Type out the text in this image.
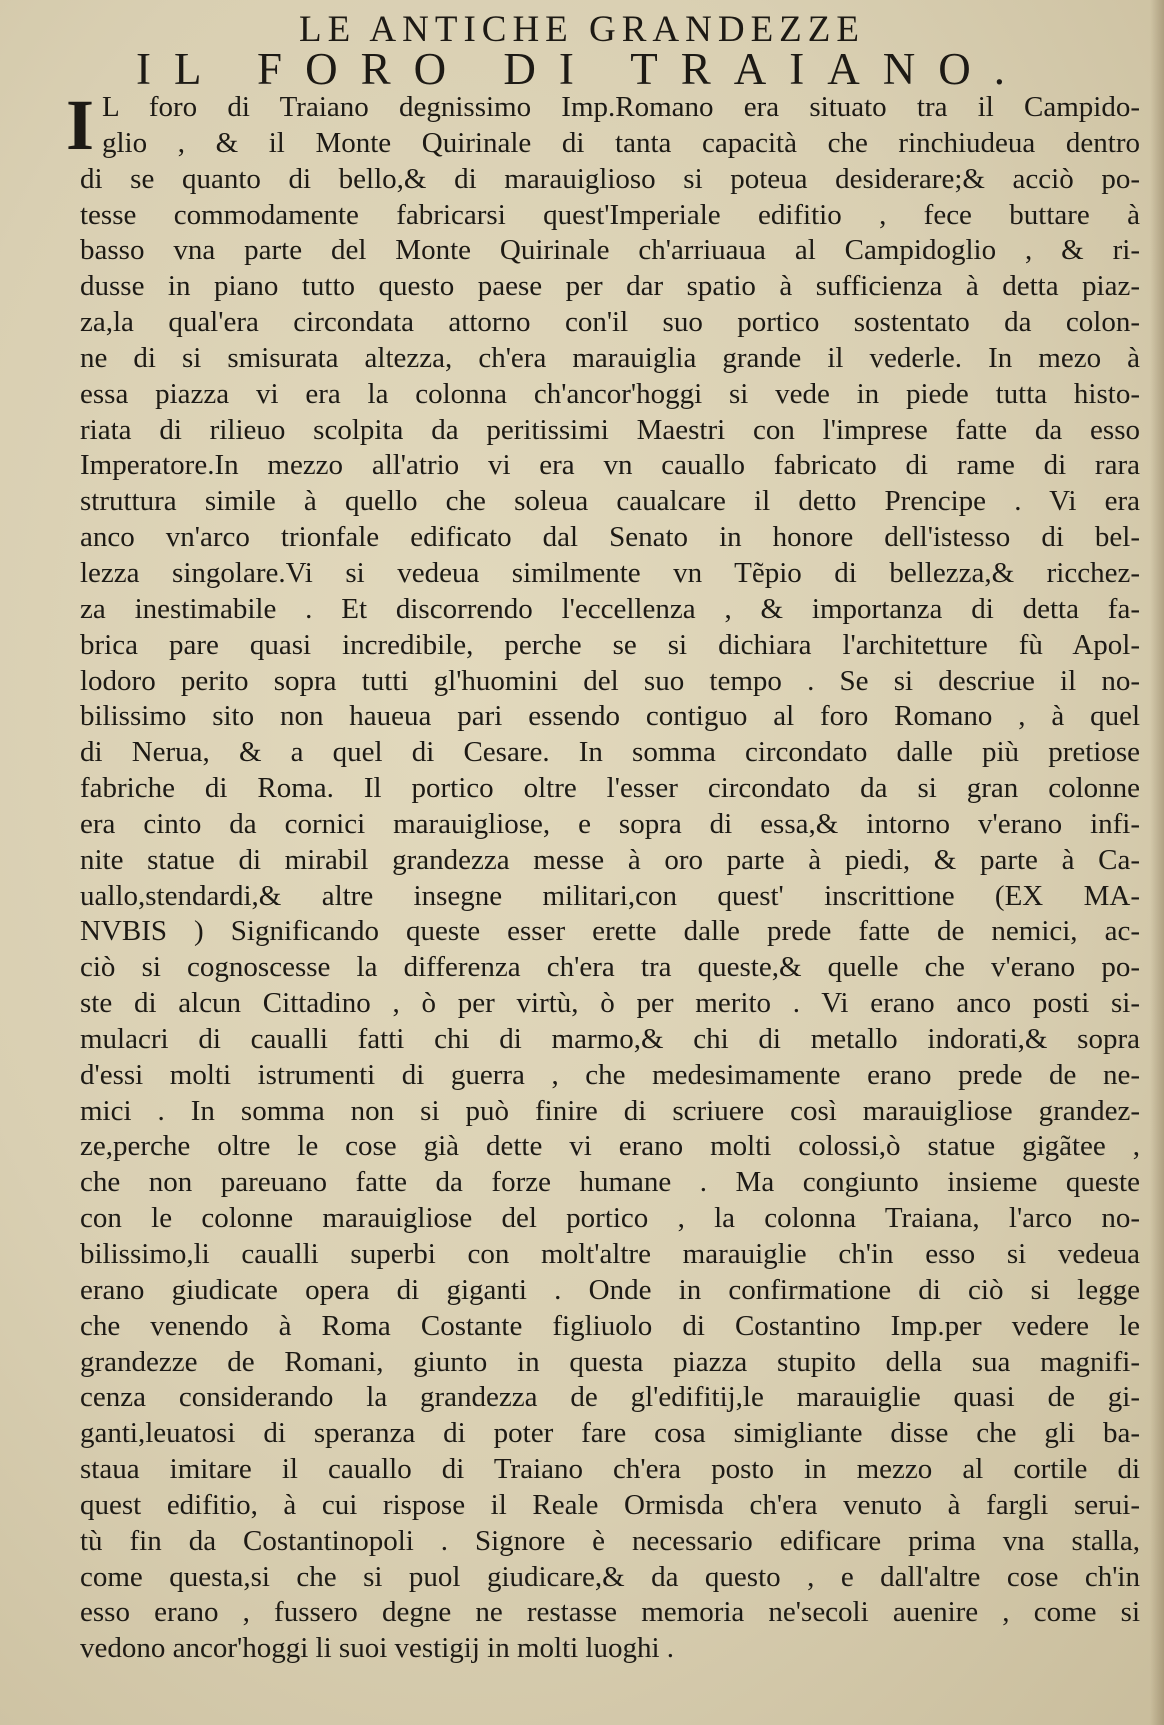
LE ANTICHE GRANDEZZE
IL FORO DI TRAIANO.
I L foro di Traiano degnissimo Imp.Romano era situato tra il Campido-
glio , & il Monte Quirinale di tanta capacità che rinchiudeua dentro
di se quanto di bello,& di marauiglioso si poteua desiderare;& acciò po-
tesse commodamente fabricarsi quest'Imperiale edifitio , fece buttare à
basso vna parte del Monte Quirinale ch'arriuaua al Campidoglio , & ri-
dusse in piano tutto questo paese per dar spatio à sufficienza à detta piaz-
za,la qual'era circondata attorno con'il suo portico sostentato da colon-
ne di si smisurata altezza, ch'era marauiglia grande il vederle. In mezo à
essa piazza vi era la colonna ch'ancor'hoggi si vede in piede tutta histo-
riata di rilieuo scolpita da peritissimi Maestri con l'imprese fatte da esso
Imperatore.In mezzo all'atrio vi era vn cauallo fabricato di rame di rara
struttura simile à quello che soleua caualcare il detto Prencipe . Vi era
anco vn'arco trionfale edificato dal Senato in honore dell'istesso di bel-
lezza singolare.Vi si vedeua similmente vn Tẽpio di bellezza,& ricchez-
za inestimabile . Et discorrendo l'eccellenza , & importanza di detta fa-
brica pare quasi incredibile, perche se si dichiara l'architetture fù Apol-
lodoro perito sopra tutti gl'huomini del suo tempo . Se si descriue il no-
bilissimo sito non haueua pari essendo contiguo al foro Romano , à quel
di Nerua, & a quel di Cesare. In somma circondato dalle più pretiose
fabriche di Roma. Il portico oltre l'esser circondato da si gran colonne
era cinto da cornici marauigliose, e sopra di essa,& intorno v'erano infi-
nite statue di mirabil grandezza messe à oro parte à piedi, & parte à Ca-
uallo,stendardi,& altre insegne militari,con quest' inscrittione (EX MA-
NVBIS ) Significando queste esser erette dalle prede fatte de nemici, ac-
ciò si cognoscesse la differenza ch'era tra queste,& quelle che v'erano po-
ste di alcun Cittadino , ò per virtù, ò per merito . Vi erano anco posti si-
mulacri di caualli fatti chi di marmo,& chi di metallo indorati,& sopra
d'essi molti istrumenti di guerra , che medesimamente erano prede de ne-
mici . In somma non si può finire di scriuere così marauigliose grandez-
ze,perche oltre le cose già dette vi erano molti colossi,ò statue gigãtee ,
che non pareuano fatte da forze humane . Ma congiunto insieme queste
con le colonne marauigliose del portico , la colonna Traiana, l'arco no-
bilissimo,li caualli superbi con molt'altre marauiglie ch'in esso si vedeua
erano giudicate opera di giganti . Onde in confirmatione di ciò si legge
che venendo à Roma Costante figliuolo di Costantino Imp.per vedere le
grandezze de Romani, giunto in questa piazza stupito della sua magnifi-
cenza considerando la grandezza de gl'edifitij,le marauiglie quasi de gi-
ganti,leuatosi di speranza di poter fare cosa simigliante disse che gli ba-
staua imitare il cauallo di Traiano ch'era posto in mezzo al cortile di
quest edifitio, à cui rispose il Reale Ormisda ch'era venuto à fargli serui-
tù fin da Costantinopoli . Signore è necessario edificare prima vna stalla,
come questa,si che si puol giudicare,& da questo , e dall'altre cose ch'in
esso erano , fussero degne ne restasse memoria ne'secoli auenire , come si
vedono ancor'hoggi li suoi vestigij in molti luoghi .
